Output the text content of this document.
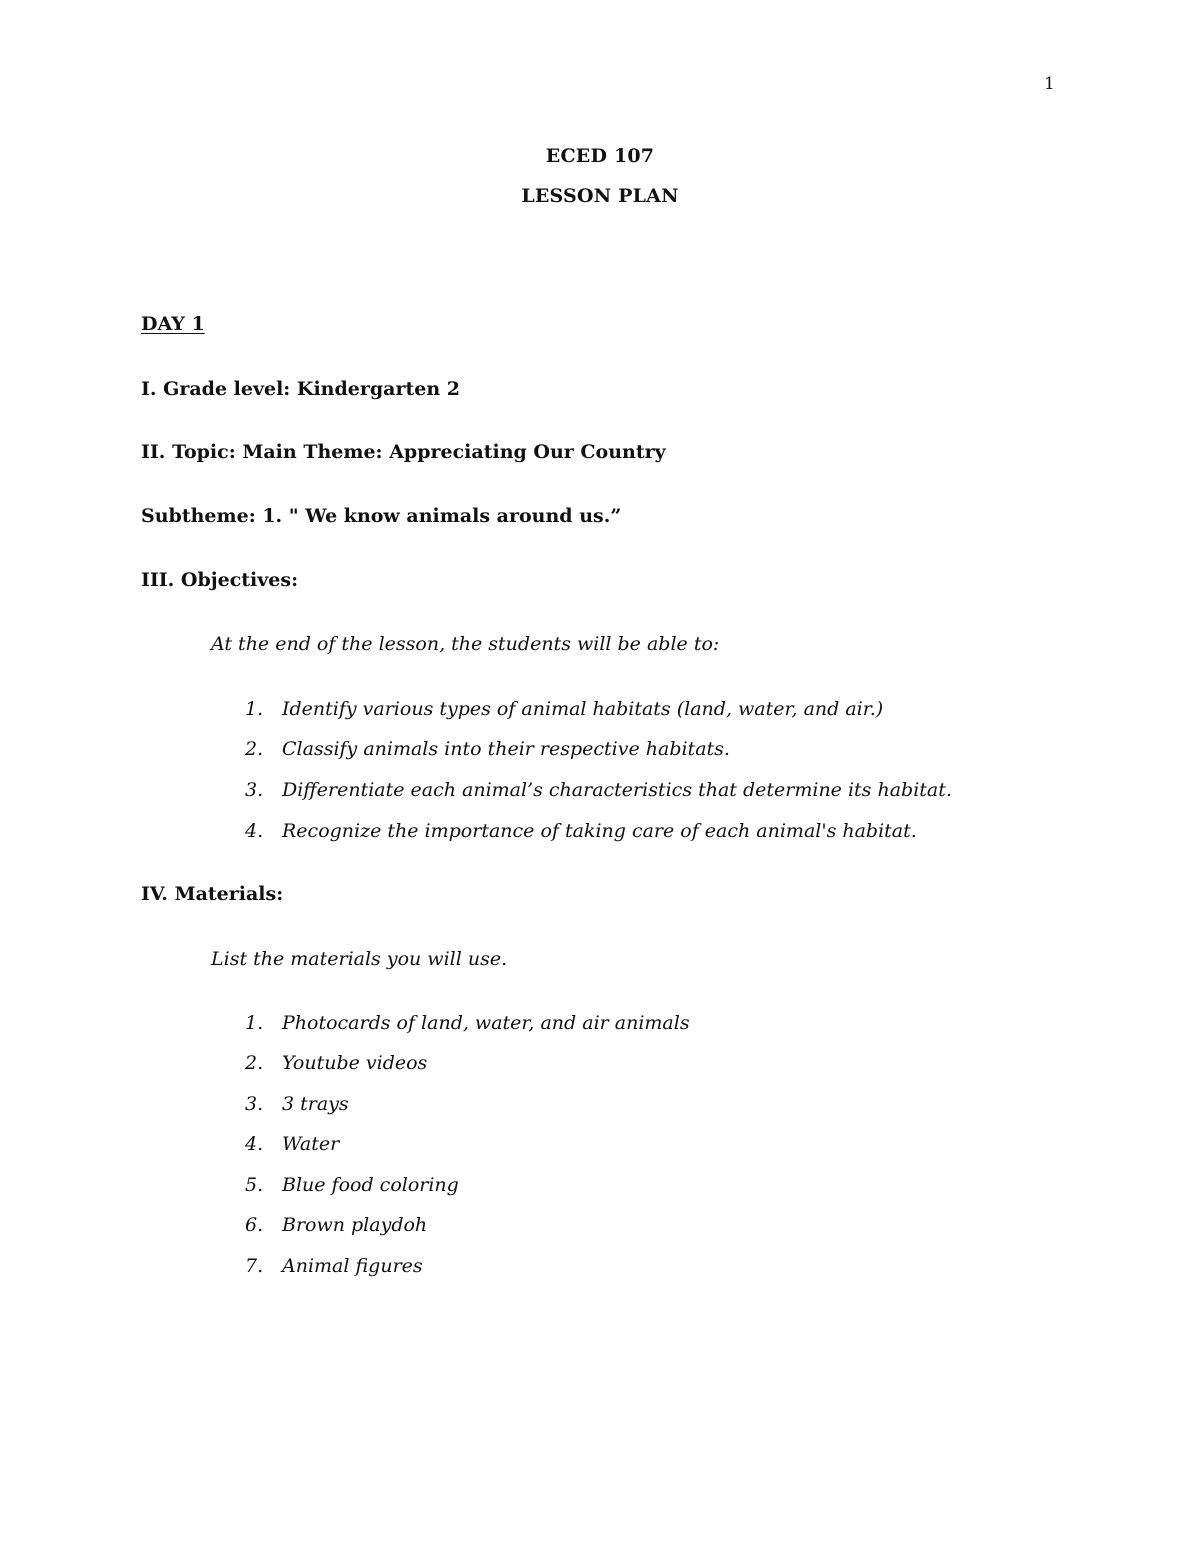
1
ECED 107
LESSON PLAN
DAY 1
I. Grade level: Kindergarten 2
II. Topic: Main Theme: Appreciating Our Country
Subtheme: 1. " We know animals around us.”
III. Objectives:
At the end of the lesson, the students will be able to:
1. Identify various types of animal habitats (land, water, and air.)
2. Classify animals into their respective habitats.
3. Differentiate each animal’s characteristics that determine its habitat.
4. Recognize the importance of taking care of each animal's habitat.
IV. Materials:
List the materials you will use.
1. Photocards of land, water, and air animals
2. Youtube videos
3. 3 trays
4. Water
5. Blue food coloring
6. Brown playdoh
7. Animal figures
